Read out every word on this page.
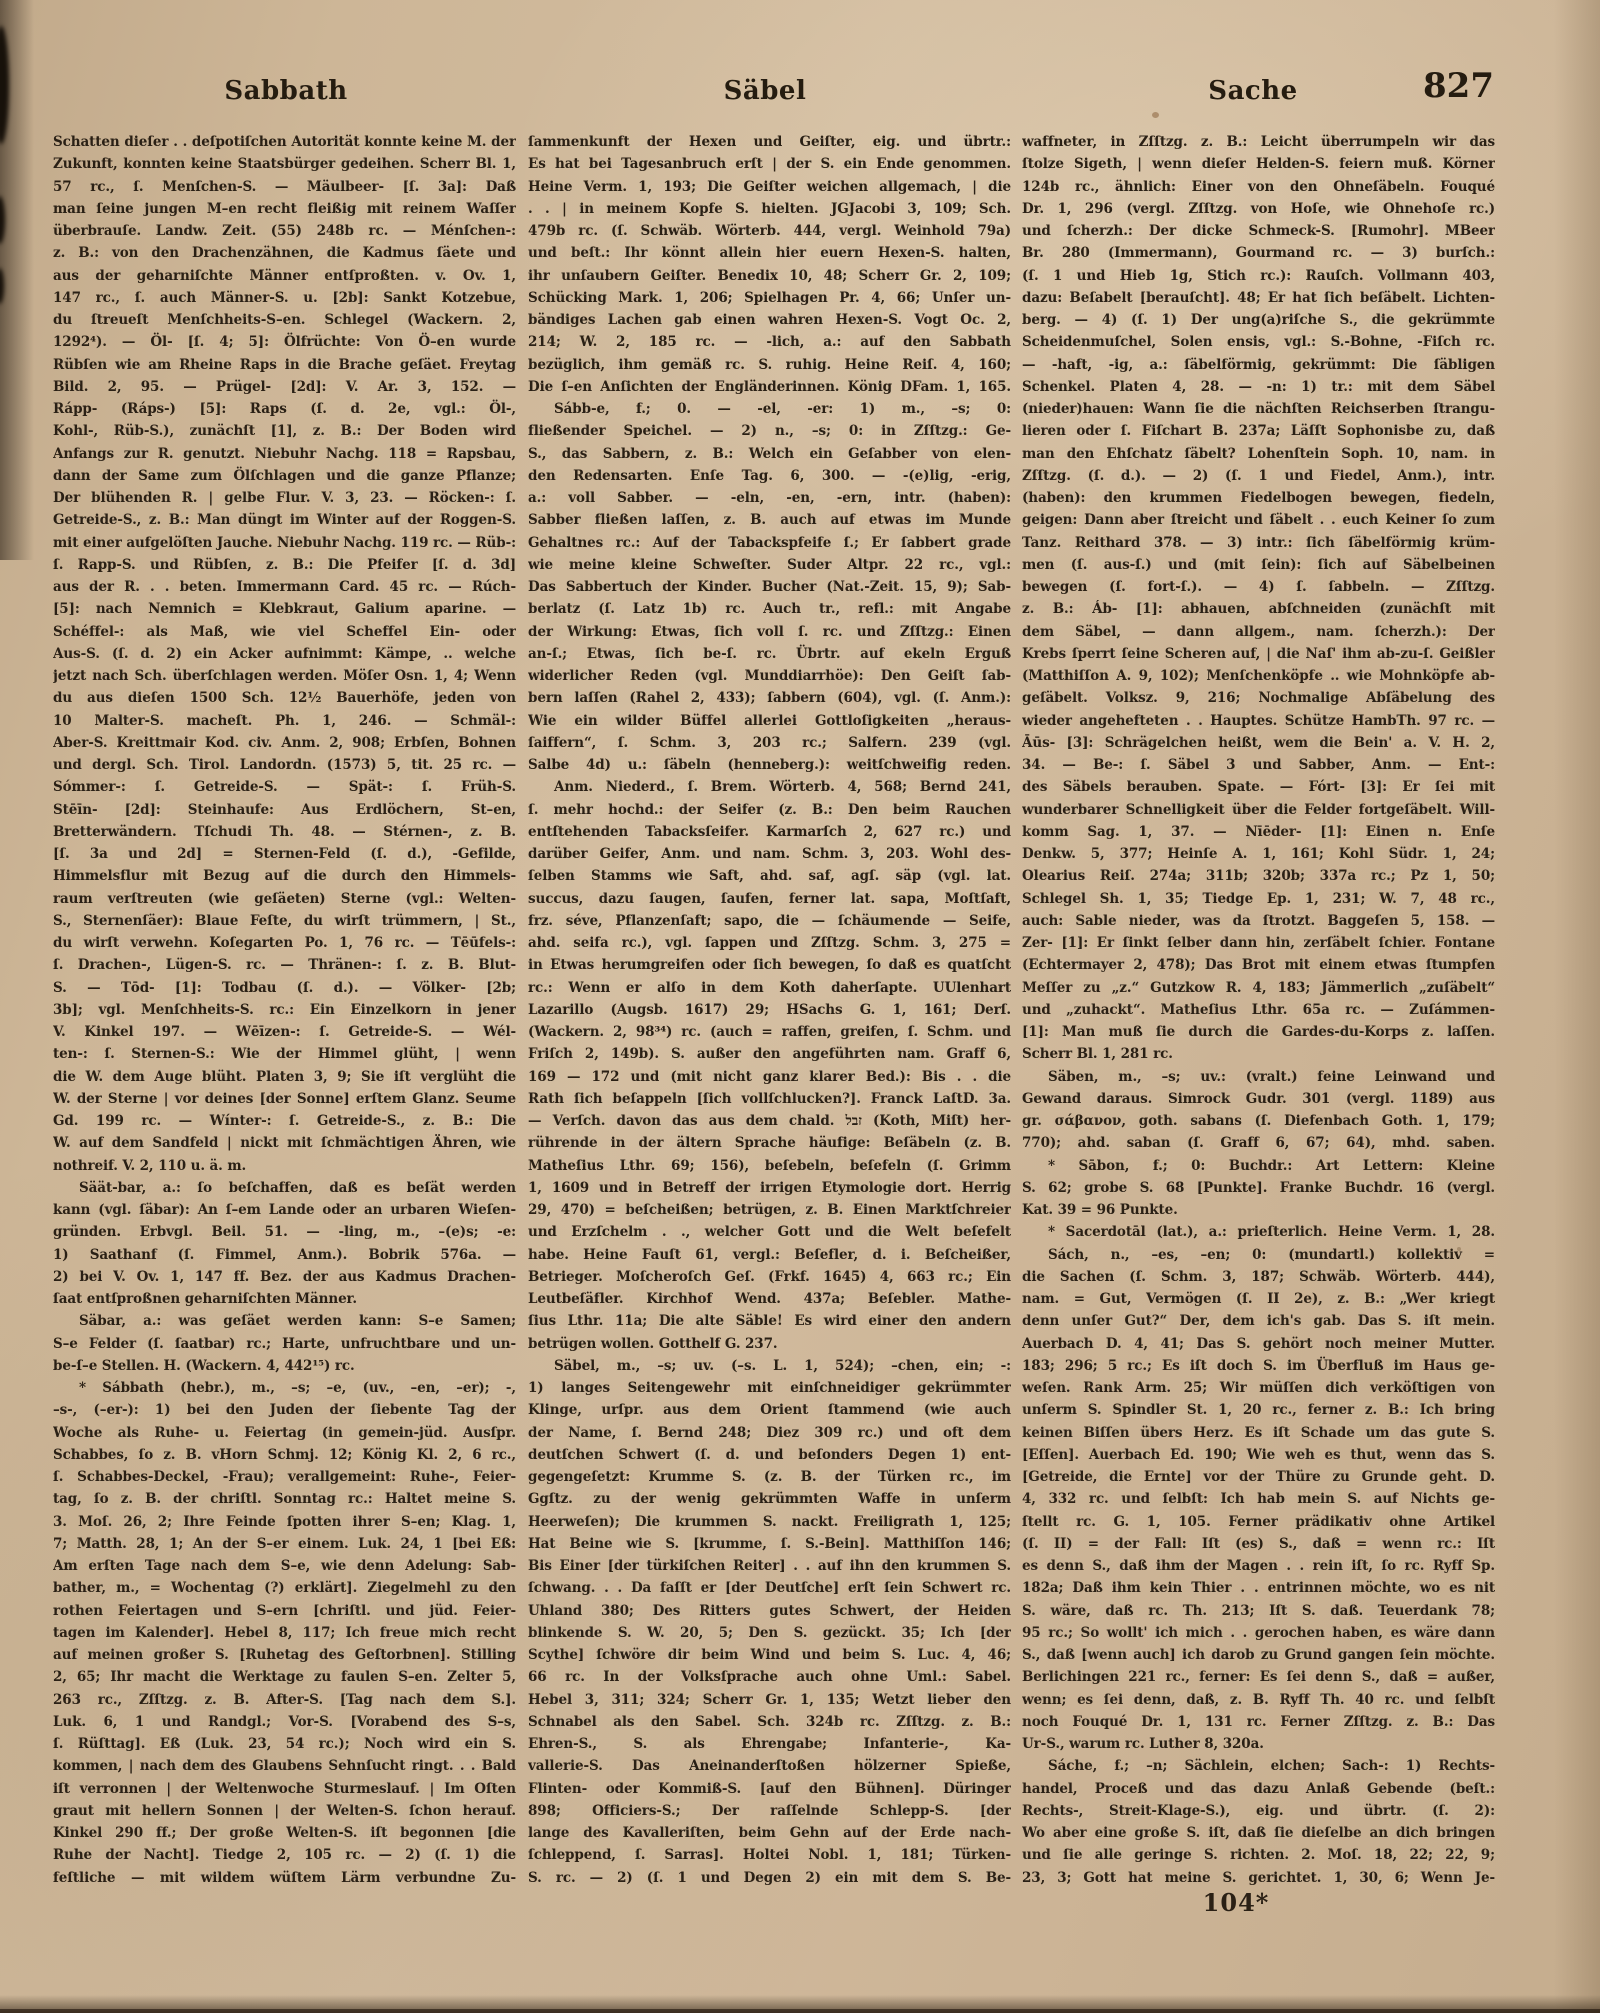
Sabbath	Säbel	Sache	827
Schatten dieſer . . deſpotiſchen Autorität konnte keine M. der
Zukunft, konnten keine Staatsbürger gedeihen. Scherr Bl. 1,
57 rc., ſ. Menſchen-S. — Mäulbeer- [ſ. 3a]: Daß
man ſeine jungen M–en recht fleißig mit reinem Waſſer
überbrauſe. Landw. Zeit. (55) 248b rc. — Ménſchen-:
z. B.: von den Drachenzähnen, die Kadmus ſäete und
aus der geharniſchte Männer entſproßten. v. Ov. 1,
147 rc., ſ. auch Männer-S. u. [2b]: Sankt Kotzebue,
du ſtreueſt Menſchheits-S–en. Schlegel (Wackern. 2,
1292⁴). — Öl- [ſ. 4; 5]: Ölfrüchte: Von Ö–en wurde
Rübſen wie am Rheine Raps in die Brache geſäet. Freytag
Bild. 2, 95. — Prügel- [2d]: V. Ar. 3, 152. —
Rápp- (Ráps-) [5]: Raps (ſ. d. 2e, vgl.: Öl-,
Kohl-, Rüb-S.), zunächſt [1], z. B.: Der Boden wird
Anfangs zur R. genutzt. Niebuhr Nachg. 118 = Rapsbau,
dann der Same zum Ölſchlagen und die ganze Pflanze;
Der blühenden R. | gelbe Flur. V. 3, 23. — Röcken-: ſ.
Getreide-S., z. B.: Man düngt im Winter auf der Roggen-S.
mit einer aufgelöſten Jauche. Niebuhr Nachg. 119 rc. — Rüb-:
ſ. Rapp-S. und Rübſen, z. B.: Die Pfeifer [ſ. d. 3d]
aus der R. . . beten. Immermann Card. 45 rc. — Rúch-
[5]: nach Nemnich = Klebkraut, Galium aparine. —
Schéffel-: als Maß, wie viel Scheffel Ein- oder
Aus-S. (ſ. d. 2) ein Acker aufnimmt: Kämpe, .. welche
jetzt nach Sch. überſchlagen werden. Möſer Osn. 1, 4; Wenn
du aus dieſen 1500 Sch. 12½ Bauerhöfe, jeden von
10 Malter-S. macheſt. Ph. 1, 246. — Schmäl-:
Aber-S. Kreittmair Kod. civ. Anm. 2, 908; Erbſen, Bohnen
und dergl. Sch. Tirol. Landordn. (1573) 5, tit. 25 rc. —
Sómmer-: ſ. Getreide-S. — Spät-: ſ. Früh-S.
Stēīn- [2d]: Steinhaufe: Aus Erdlöchern, St–en,
Bretterwändern. Tſchudi Th. 48. — Stérnen-, z. B.
[ſ. 3a und 2d] = Sternen-Feld (ſ. d.), -Gefilde,
Himmelsflur mit Bezug auf die durch den Himmels-
raum verſtreuten (wie geſäeten) Sterne (vgl.: Welten-
S., Sternenſäer): Blaue Feſte, du wirſt trümmern, | St.,
du wirſt verwehn. Koſegarten Po. 1, 76 rc. — Tēūfels-:
ſ. Drachen-, Lügen-S. rc. — Thränen-: ſ. z. B. Blut-
S. — Tōd- [1]: Todbau (ſ. d.). — Völker- [2b;
3b]; vgl. Menſchheits-S. rc.: Ein Einzelkorn in jener
V. Kinkel 197. — Wēīzen-: ſ. Getreide-S. — Wél-
ten-: ſ. Sternen-S.: Wie der Himmel glüht, | wenn
die W. dem Auge blüht. Platen 3, 9; Sie iſt verglüht die
W. der Sterne | vor deines [der Sonne] erſtem Glanz. Seume
Gd. 199 rc. — Wínter-: ſ. Getreide-S., z. B.: Die
W. auf dem Sandfeld | nickt mit ſchmächtigen Ähren, wie
nothreif. V. 2, 110 u. ä. m.
Säät-bar, a.: ſo beſchaffen, daß es beſät werden
kann (vgl. ſäbar): An ſ–em Lande oder an urbaren Wieſen-
gründen. Erbvgl. Beil. 51. — -ling, m., –(e)s; -e:
1) Saathanf (ſ. Fimmel, Anm.). Bobrik 576a. —
2) bei V. Ov. 1, 147 ff. Bez. der aus Kadmus Drachen-
ſaat entſproßnen geharniſchten Männer.
Säbar, a.: was geſäet werden kann: S–e Samen;
S–e Felder (ſ. ſaatbar) rc.; Harte, unfruchtbare und un-
be-ſ–e Stellen. H. (Wackern. 4, 442¹⁵) rc.
* Sábbath (hebr.), m., –s; –e, (uv., –en, –er); -,
–s-, (–er-): 1) bei den Juden der ſiebente Tag der
Woche als Ruhe- u. Feiertag (in gemein-jüd. Ausſpr.
Schabbes, ſo z. B. vHorn Schmj. 12; König Kl. 2, 6 rc.,
ſ. Schabbes-Deckel, -Frau); verallgemeint: Ruhe-, Feier-
tag, ſo z. B. der chriſtl. Sonntag rc.: Haltet meine S.
3. Moſ. 26, 2; Ihre Feinde ſpotten ihrer S–en; Klag. 1,
7; Matth. 28, 1; An der S–er einem. Luk. 24, 1 [bei Eß:
Am erſten Tage nach dem S–e, wie denn Adelung: Sab-
bather, m., = Wochentag (?) erklärt]. Ziegelmehl zu den
rothen Feiertagen und S–ern [chriſtl. und jüd. Feier-
tagen im Kalender]. Hebel 8, 117; Ich freue mich recht
auf meinen großer S. [Ruhetag des Geſtorbnen]. Stilling
2, 65; Ihr macht die Werktage zu faulen S–en. Zelter 5,
263 rc., Zſſtzg. z. B. After-S. [Tag nach dem S.].
Luk. 6, 1 und Randgl.; Vor-S. [Vorabend des S–s,
ſ. Rüſttag]. Eß (Luk. 23, 54 rc.); Noch wird ein S.
kommen, | nach dem des Glaubens Sehnſucht ringt. . . Bald
iſt verronnen | der Weltenwoche Sturmeslauf. | Im Oſten
graut mit hellern Sonnen | der Welten-S. ſchon herauf.
Kinkel 290 ff.; Der große Welten-S. iſt begonnen [die
Ruhe der Nacht]. Tiedge 2, 105 rc. — 2) (ſ. 1) die
feſtliche — mit wildem wüſtem Lärm verbundne Zu-
ſammenkunft der Hexen und Geiſter, eig. und übrtr.:
Es hat bei Tagesanbruch erſt | der S. ein Ende genommen.
Heine Verm. 1, 193; Die Geiſter weichen allgemach, | die
. . | in meinem Kopfe S. hielten. JGJacobi 3, 109; Sch.
479b rc. (ſ. Schwäb. Wörterb. 444, vergl. Weinhold 79a)
und beſt.: Ihr könnt allein hier euern Hexen-S. halten,
ihr unſaubern Geiſter. Benedix 10, 48; Scherr Gr. 2, 109;
Schücking Mark. 1, 206; Spielhagen Pr. 4, 66; Unſer un-
bändiges Lachen gab einen wahren Hexen-S. Vogt Oc. 2,
214; W. 2, 185 rc. — -lich, a.: auf den Sabbath
bezüglich, ihm gemäß rc. S. ruhig. Heine Reiſ. 4, 160;
Die ſ–en Anſichten der Engländerinnen. König DFam. 1, 165.
Sább-e, f.; 0. — -el, -er: 1) m., –s; 0:
fließender Speichel. — 2) n., –s; 0: in Zſſtzg.: Ge-
S., das Sabbern, z. B.: Welch ein Geſabber von elen-
den Redensarten. Enſe Tag. 6, 300. — -(e)lig, -erig,
a.: voll Sabber. — -eln, -en, -ern, intr. (haben):
Sabber fließen laſſen, z. B. auch auf etwas im Munde
Gehaltnes rc.: Auf der Tabackspfeife ſ.; Er ſabbert grade
wie meine kleine Schweſter. Suder Altpr. 22 rc., vgl.:
Das Sabbertuch der Kinder. Bucher (Nat.-Zeit. 15, 9); Sab-
berlatz (ſ. Latz 1b) rc. Auch tr., refl.: mit Angabe
der Wirkung: Etwas, ſich voll ſ. rc. und Zſſtzg.: Einen
an-ſ.; Etwas, ſich be-ſ. rc. Übrtr. auf ekeln Erguß
widerlicher Reden (vgl. Munddiarrhöe): Den Geiſt ſab-
bern laſſen (Rahel 2, 433); ſabbern (604), vgl. (ſ. Anm.):
Wie ein wilder Büffel allerlei Gottloſigkeiten „heraus-
ſaiffern“, ſ. Schm. 3, 203 rc.; Salfern. 239 (vgl.
Salbe 4d) u.: ſäbeln (henneberg.): weitſchweifig reden.
Anm. Niederd., ſ. Brem. Wörterb. 4, 568; Bernd 241,
ſ. mehr hochd.: der Seifer (z. B.: Den beim Rauchen
entſtehenden Tabacksſeifer. Karmarſch 2, 627 rc.) und
darüber Geifer, Anm. und nam. Schm. 3, 203. Wohl des-
ſelben Stamms wie Saft, ahd. saf, agſ. säp (vgl. lat.
succus, dazu ſaugen, ſaufen, ferner lat. sapa, Moſtſaft,
frz. séve, Pflanzenſaft; sapo, die — ſchäumende — Seife,
ahd. seifa rc.), vgl. ſappen und Zſſtzg. Schm. 3, 275 =
in Etwas herumgreifen oder ſich bewegen, ſo daß es quatſcht
rc.: Wenn er alſo in dem Koth daherſapte. UUlenhart
Lazarillo (Augsb. 1617) 29; HSachs G. 1, 161; Derſ.
(Wackern. 2, 98³⁴) rc. (auch = raffen, greifen, ſ. Schm. und
Friſch 2, 149b). S. außer den angeführten nam. Graff 6,
169 — 172 und (mit nicht ganz klarer Bed.): Bis . . die
Rath ſich beſappeln [ſich vollſchlucken?]. Franck LaſtD. 3a.
— Verſch. davon das aus dem chald. זבל (Koth, Miſt) her-
rührende in der ältern Sprache häufige: Beſäbeln (z. B.
Matheſius Lthr. 69; 156), beſebeln, beſefeln (ſ. Grimm
1, 1609 und in Betreff der irrigen Etymologie dort. Herrig
29, 470) = beſcheißen; betrügen, z. B. Einen Marktſchreier
und Erzſchelm . ., welcher Gott und die Welt beſefelt
habe. Heine Fauſt 61, vergl.: Beſefler, d. i. Beſcheißer,
Betrieger. Moſcheroſch Geſ. (Frkf. 1645) 4, 663 rc.; Ein
Leutbeſäfler. Kirchhof Wend. 437a; Beſebler. Mathe-
ſius Lthr. 11a; Die alte Säble! Es wird einer den andern
betrügen wollen. Gotthelf G. 237.
Säbel, m., –s; uv. (–s. L. 1, 524); –chen, ein; -:
1) langes Seitengewehr mit einſchneidiger gekrümmter
Klinge, urſpr. aus dem Orient ſtammend (wie auch
der Name, ſ. Bernd 248; Diez 309 rc.) und oft dem
deutſchen Schwert (ſ. d. und beſonders Degen 1) ent-
gegengeſetzt: Krumme S. (z. B. der Türken rc., im
Ggſtz. zu der wenig gekrümmten Waffe in unſerm
Heerweſen); Die krummen S. nackt. Freiligrath 1, 125;
Hat Beine wie S. [krumme, ſ. S.-Bein]. Matthiſſon 146;
Bis Einer [der türkiſchen Reiter] . . auf ihn den krummen S.
ſchwang. . . Da faſſt er [der Deutſche] erſt ſein Schwert rc.
Uhland 380; Des Ritters gutes Schwert, der Heiden
blinkende S. W. 20, 5; Den S. gezückt. 35; Ich [der
Scythe] ſchwöre dir beim Wind und beim S. Luc. 4, 46;
66 rc. In der Volksſprache auch ohne Uml.: Sabel.
Hebel 3, 311; 324; Scherr Gr. 1, 135; Wetzt lieber den
Schnabel als den Sabel. Sch. 324b rc. Zſſtzg. z. B.:
Ehren-S., S. als Ehrengabe; Infanterie-, Ka-
vallerie-S. Das Aneinanderſtoßen hölzerner Spieße,
Flinten- oder Kommiß-S. [auf den Bühnen]. Düringer
898; Officiers-S.; Der raſſelnde Schlepp-S. [der
lange des Kavalleriſten, beim Gehn auf der Erde nach-
ſchleppend, ſ. Sarras]. Holtei Nobl. 1, 181; Türken-
S. rc. — 2) (ſ. 1 und Degen 2) ein mit dem S. Be-
waffneter, in Zſſtzg. z. B.: Leicht überrumpeln wir das
ſtolze Sigeth, | wenn dieſer Helden-S. feiern muß. Körner
124b rc., ähnlich: Einer von den Ohneſäbeln. Fouqué
Dr. 1, 296 (vergl. Zſſtzg. von Hoſe, wie Ohnehoſe rc.)
und ſcherzh.: Der dicke Schmeck-S. [Rumohr]. MBeer
Br. 280 (Immermann), Gourmand rc. — 3) burſch.:
(ſ. 1 und Hieb 1g, Stich rc.): Rauſch. Vollmann 403,
dazu: Beſabelt [berauſcht]. 48; Er hat ſich beſäbelt. Lichten-
berg. — 4) (ſ. 1) Der ung(a)riſche S., die gekrümmte
Scheidenmuſchel, Solen ensis, vgl.: S.-Bohne, -Fiſch rc.
— -haft, -ig, a.: ſäbelförmig, gekrümmt: Die ſäbligen
Schenkel. Platen 4, 28. — -n: 1) tr.: mit dem Säbel
(nieder)hauen: Wann ſie die nächſten Reichserben ſtrangu-
lieren oder ſ. Fiſchart B. 237a; Läſſt Sophonisbe zu, daß
man den Ehſchatz ſäbelt? Lohenſtein Soph. 10, nam. in
Zſſtzg. (ſ. d.). — 2) (ſ. 1 und Fiedel, Anm.), intr.
(haben): den krummen Fiedelbogen bewegen, fiedeln,
geigen: Dann aber ſtreicht und ſäbelt . . euch Keiner ſo zum
Tanz. Reithard 378. — 3) intr.: ſich ſäbelförmig krüm-
men (ſ. aus-ſ.) und (mit ſein): ſich auf Säbelbeinen
bewegen (ſ. fort-ſ.). — 4) ſ. ſabbeln. — Zſſtzg.
z. B.: Áb- [1]: abhauen, abſchneiden (zunächſt mit
dem Säbel, — dann allgem., nam. ſcherzh.): Der
Krebs ſperrt ſeine Scheren auf, | die Naſ' ihm ab-zu-ſ. Geißler
(Matthiſſon A. 9, 102); Menſchenköpfe .. wie Mohnköpfe ab-
geſäbelt. Volksz. 9, 216; Nochmalige Abſäbelung des
wieder angehefteten . . Hauptes. Schütze HambTh. 97 rc. —
Āūs- [3]: Schrägelchen heißt, wem die Bein' a. V. H. 2,
34. — Be-: ſ. Säbel 3 und Sabber, Anm. — Ent-:
des Säbels berauben. Spate. — Fórt- [3]: Er ſei mit
wunderbarer Schnelligkeit über die Felder fortgeſäbelt. Will-
komm Sag. 1, 37. — Nīēder- [1]: Einen n. Enſe
Denkw. 5, 377; Heinſe A. 1, 161; Kohl Südr. 1, 24;
Olearius Reiſ. 274a; 311b; 320b; 337a rc.; Pz 1, 50;
Schlegel Sh. 1, 35; Tiedge Ep. 1, 231; W. 7, 48 rc.,
auch: Sable nieder, was da ſtrotzt. Baggeſen 5, 158. —
Zer- [1]: Er ſinkt ſelber dann hin, zerſäbelt ſchier. Fontane
(Echtermayer 2, 478); Das Brot mit einem etwas ſtumpfen
Meſſer zu „z.“ Gutzkow R. 4, 183; Jämmerlich „zuſäbelt“
und „zuhackt“. Matheſius Lthr. 65a rc. — Zuſámmen-
[1]: Man muß ſie durch die Gardes-du-Korps z. laſſen.
Scherr Bl. 1, 281 rc.
Säben, m., –s; uv.: (vralt.) feine Leinwand und
Gewand daraus. Simrock Gudr. 301 (vergl. 1189) aus
gr. σάβανον, goth. sabans (ſ. Diefenbach Goth. 1, 179;
770); ahd. saban (ſ. Graff 6, 67; 64), mhd. saben.
* Sābon, f.; 0: Buchdr.: Art Lettern: Kleine
S. 62; grobe S. 68 [Punkte]. Franke Buchdr. 16 (vergl.
Kat. 39 = 96 Punkte.
* Sacerdotāl (lat.), a.: prieſterlich. Heine Verm. 1, 28.
Sách, n., –es, –en; 0: (mundartl.) kollektiv =
die Sachen (ſ. Schm. 3, 187; Schwäb. Wörterb. 444),
nam. = Gut, Vermögen (ſ. II 2e), z. B.: „Wer kriegt
denn unſer Gut?“ Der, dem ich's gab. Das S. iſt mein.
Auerbach D. 4, 41; Das S. gehört noch meiner Mutter.
183; 296; 5 rc.; Es iſt doch S. im Überfluß im Haus ge-
weſen. Rank Arm. 25; Wir müſſen dich verköſtigen von
unſerm S. Spindler St. 1, 20 rc., ferner z. B.: Ich bring
keinen Biſſen übers Herz. Es iſt Schade um das gute S.
[Eſſen]. Auerbach Ed. 190; Wie weh es thut, wenn das S.
[Getreide, die Ernte] vor der Thüre zu Grunde geht. D.
4, 332 rc. und ſelbſt: Ich hab mein S. auf Nichts ge-
ſtellt rc. G. 1, 105. Ferner prädikativ ohne Artikel
(ſ. II) = der Fall: Iſt (es) S., daß = wenn rc.: Iſt
es denn S., daß ihm der Magen . . rein iſt, ſo rc. Ryff Sp.
182a; Daß ihm kein Thier . . entrinnen möchte, wo es nit
S. wäre, daß rc. Th. 213; Iſt S. daß. Teuerdank 78;
95 rc.; So wollt' ich mich . . gerochen haben, es wäre dann
S., daß [wenn auch] ich darob zu Grund gangen ſein möchte.
Berlichingen 221 rc., ferner: Es ſei denn S., daß = außer,
wenn; es ſei denn, daß, z. B. Ryff Th. 40 rc. und ſelbſt
noch Fouqué Dr. 1, 131 rc. Ferner Zſſtzg. z. B.: Das
Ur-S., warum rc. Luther 8, 320a.
Sáche, f.; –n; Sächlein, elchen; Sach-: 1) Rechts-
handel, Proceß und das dazu Anlaß Gebende (beſt.:
Rechts-, Streit-Klage-S.), eig. und übrtr. (ſ. 2):
Wo aber eine große S. iſt, daß ſie dieſelbe an dich bringen
und ſie alle geringe S. richten. 2. Moſ. 18, 22; 22, 9;
23, 3; Gott hat meine S. gerichtet. 1, 30, 6; Wenn Je-
104*
